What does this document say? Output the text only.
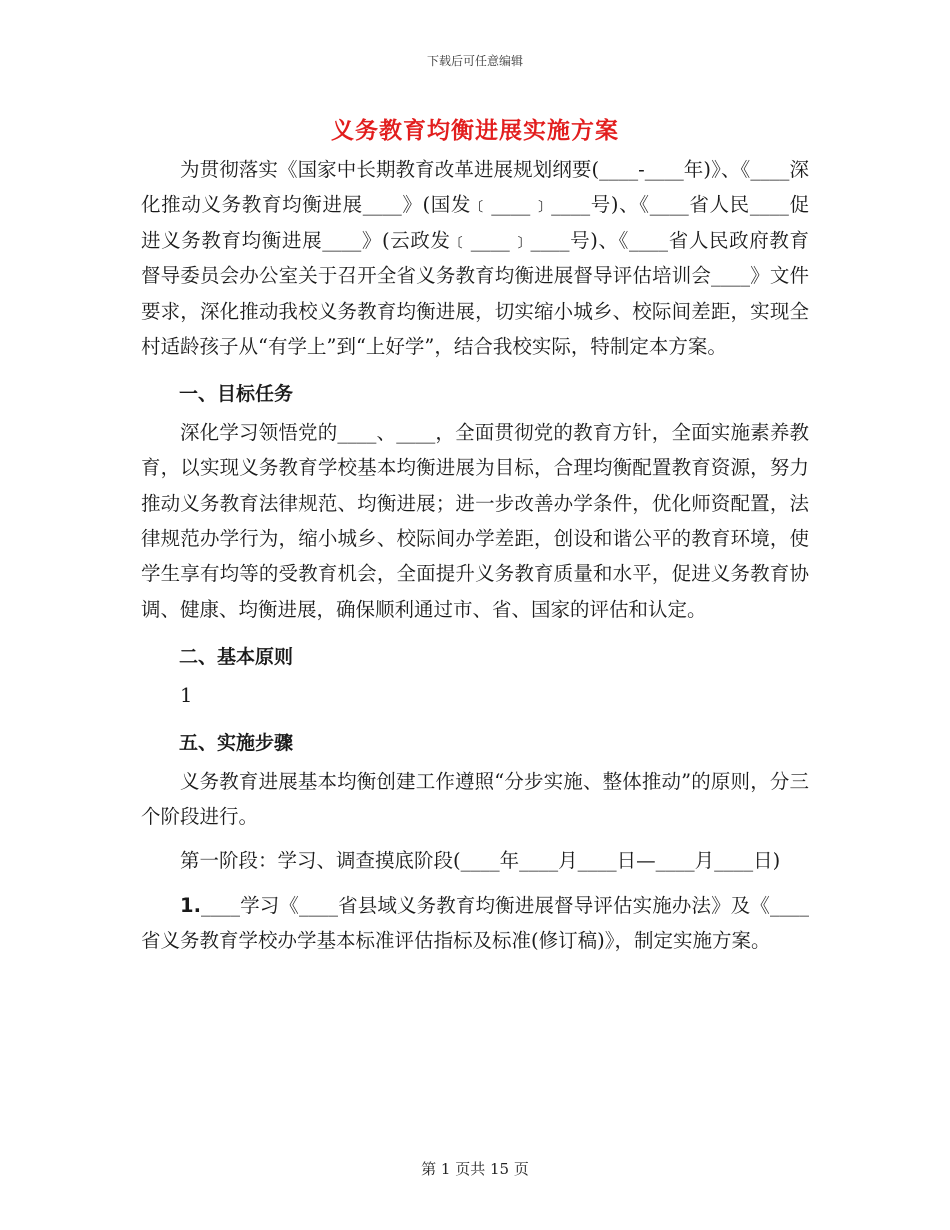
下载后可任意编辑
义务教育均衡进展实施方案

为贯彻落实《国家中长期教育改革进展规划纲要(____-____年)》、《____深化推动义务教育均衡进展____》(国发﹝____﹞____号)、《____省人民____促进义务教育均衡进展____》(云政发﹝____﹞____号)、《____省人民政府教育督导委员会办公室关于召开全省义务教育均衡进展督导评估培训会____》文件要求，深化推动我校义务教育均衡进展，切实缩小城乡、校际间差距，实现全村适龄孩子从“有学上”到“上好学”，结合我校实际，特制定本方案。

一、目标任务

深化学习领悟党的____、____，全面贯彻党的教育方针，全面实施素养教育，以实现义务教育学校基本均衡进展为目标，合理均衡配置教育资源，努力推动义务教育法律规范、均衡进展；进一步改善办学条件，优化师资配置，法律规范办学行为，缩小城乡、校际间办学差距，创设和谐公平的教育环境，使学生享有均等的受教育机会，全面提升义务教育质量和水平，促进义务教育协调、健康、均衡进展，确保顺利通过市、省、国家的评估和认定。

二、基本原则

1

五、实施步骤

义务教育进展基本均衡创建工作遵照“分步实施、整体推动”的原则，分三个阶段进行。

第一阶段：学习、调查摸底阶段(____年____月____日—____月____日)

1.____学习《____省县域义务教育均衡进展督导评估实施办法》及《____省义务教育学校办学基本标准评估指标及标准(修订稿)》，制定实施方案。

第 1 页共 15 页
